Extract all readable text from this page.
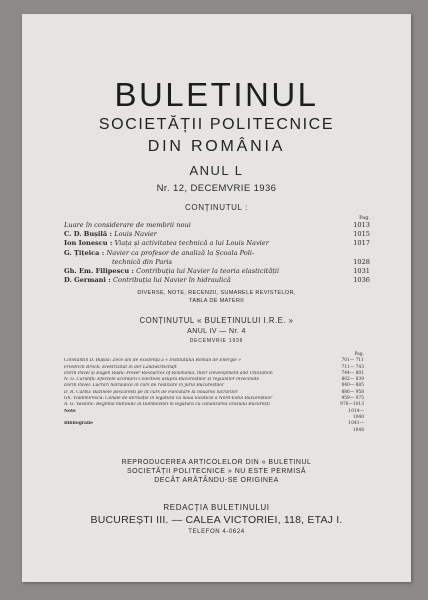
BULETINUL
SOCIETĂȚII POLITECNICE
DIN ROMÂNIA
ANUL L
Nr. 12, DECEMVRIE 1936
CONȚINUTUL :
Pag.
Luare în considerare de membrii noui	1013
C. D. Bușilă : Louis Navier	1015
Ion Ionescu : Viața și activitatea technică a lui Louis Navier	1017
G. Țițeica : Navier ca profesor de analiză la Școala Poli-
technică din Paris	1028
Gh. Em. Filipescu : Contribuția lui Navier la teoria elasticității	1031
D. Germani : Contribuția lui Navier în hidraulică	1036
DIVERSE, NOTE, RECENZII, SUMARELE REVISTELOR,
TABLA DE MATERII
CONȚINUTUL « BULETINULUI I.R.E. »
ANUL IV — Nr. 4
DECEMVRIE 1936
Pag.
Constantin D. Bușilă: Zece ani de existență a « Institutului Român de Energie »	701— 711
Friedrich Brock: Elektrizität in der Landwirtschaft	711— 743
Dorin Pavel și Eugen Radu: Power Resources of Roumania, their Development and Utilization	744— 801
N. G. Caranfil: Efectele acordării Colectivei asupra Bucureștilor și regiunilor învecinate	802— 839
Dorin Pavel: Lucrări hidraulice în curs de realizare în jurul Bucureștilor	840— 885
D. R. Carbu: Bazinele pescărești pe lit curs de executare la nouarea lucrărilor	886— 958
Gh. Vladimirescu: Canale de derivație în legătură cu noua locaticie a Nord-Estul Bucureștilor	959— 975
A. G. Vasilinc: Regimul hidraulic al Dâmboviței în legătură cu canalizarea orașului București	976—1013
Note	1014—1040
Bibliografie	1041—1048
REPRODUCEREA ARTICOLELOR DIN « BULETINUL
SOCIETĂȚII POLITECNICE » NU ESTE PERMISĂ
DECÂT ARĂTÂNDU-SE ORIGINEA
REDACȚIA BULETINULUI
BUCUREȘTI III. — CALEA VICTORIEI, 118, ETAJ I.
TELEFON 4-0624
